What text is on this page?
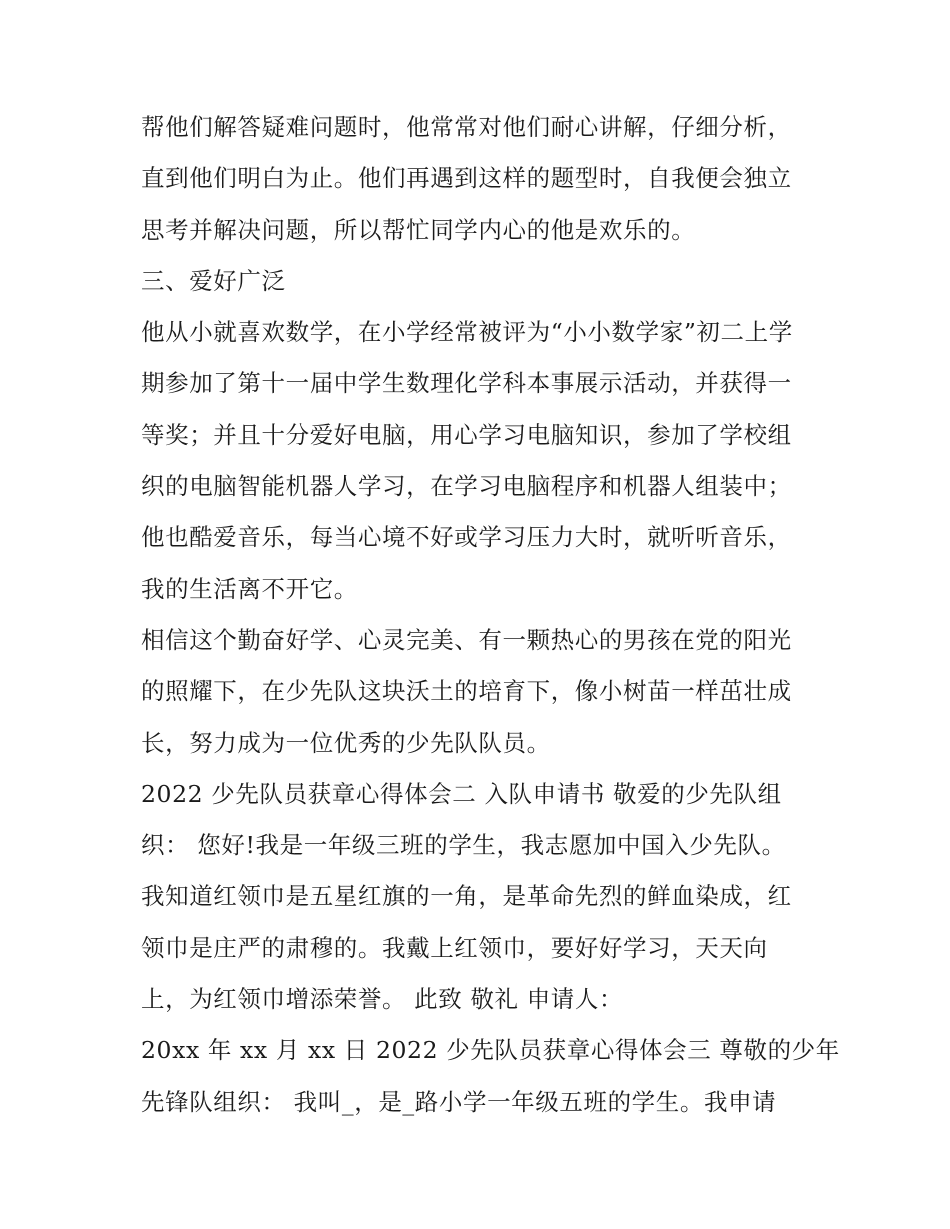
帮他们解答疑难问题时，他常常对他们耐心讲解，仔细分析，
直到他们明白为止。他们再遇到这样的题型时，自我便会独立
思考并解决问题，所以帮忙同学内心的他是欢乐的。
三、爱好广泛
他从小就喜欢数学，在小学经常被评为“小小数学家”初二上学
期参加了第十一届中学生数理化学科本事展示活动，并获得一
等奖；并且十分爱好电脑，用心学习电脑知识，参加了学校组
织的电脑智能机器人学习，在学习电脑程序和机器人组装中；
他也酷爱音乐，每当心境不好或学习压力大时，就听听音乐，
我的生活离不开它。
相信这个勤奋好学、心灵完美、有一颗热心的男孩在党的阳光
的照耀下，在少先队这块沃土的培育下，像小树苗一样茁壮成
长，努力成为一位优秀的少先队队员。
2022 少先队员获章心得体会二 入队申请书 敬爱的少先队组
织： 您好!我是一年级三班的学生，我志愿加中国入少先队。
我知道红领巾是五星红旗的一角，是革命先烈的鲜血染成，红
领巾是庄严的肃穆的。我戴上红领巾，要好好学习，天天向
上，为红领巾增添荣誉。 此致 敬礼 申请人：
20xx 年 xx 月 xx 日 2022 少先队员获章心得体会三 尊敬的少年
先锋队组织： 我叫_，是_路小学一年级五班的学生。我申请
